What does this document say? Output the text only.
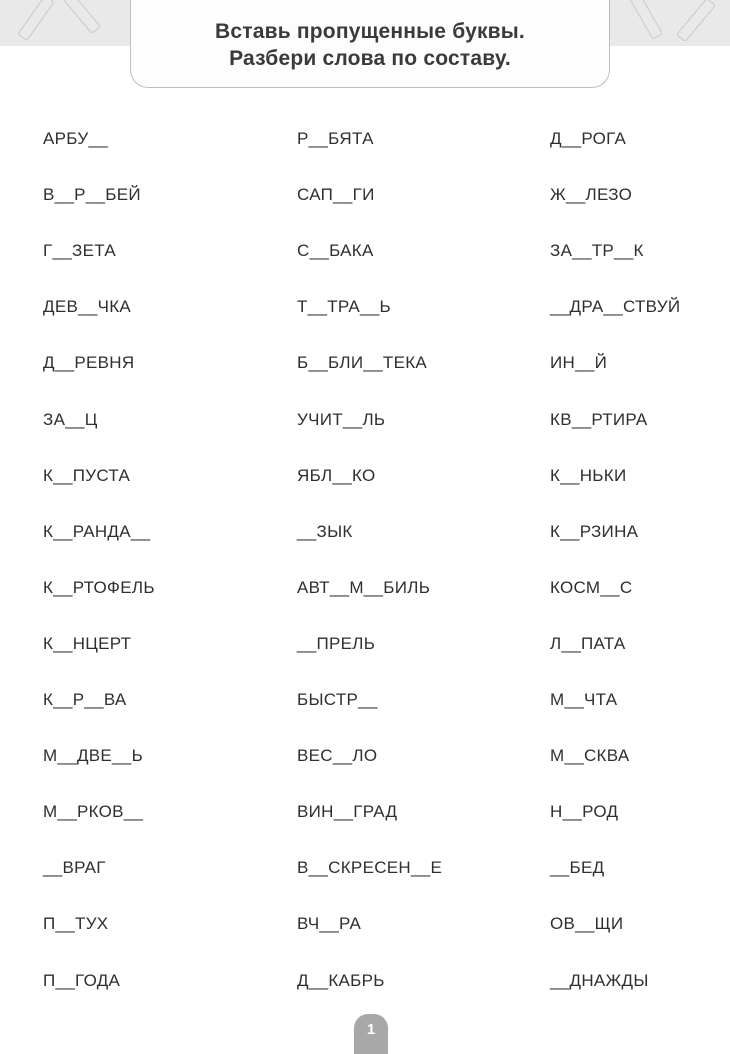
Вставь пропущенные буквы.
Разбери слова по составу.
АРБУ__
В__Р__БЕЙ
Г__ЗЕТА
ДЕВ__ЧКА
Д__РЕВНЯ
ЗА__Ц
К__ПУСТА
К__РАНДА__
К__РТОФЕЛЬ
К__НЦЕРТ
К__Р__ВА
М__ДВЕ__Ь
М__РКОВ__
__ВРАГ
П__ТУХ
П__ГОДА
Р__БЯТА
САП__ГИ
С__БАКА
Т__ТРА__Ь
Б__БЛИ__ТЕКА
УЧИТ__ЛЬ
ЯБЛ__КО
__ЗЫК
АВТ__М__БИЛЬ
__ПРЕЛЬ
БЫСТР__
ВЕС__ЛО
ВИН__ГРАД
В__СКРЕСЕН__Е
ВЧ__РА
Д__КАБРЬ
Д__РОГА
Ж__ЛЕЗО
ЗА__ТР__К
__ДРА__СТВУЙ
ИН__Й
КВ__РТИРА
К__НЬКИ
К__РЗИНА
КОСМ__С
Л__ПАТА
М__ЧТА
М__СКВА
Н__РОД
__БЕД
ОВ__ЩИ
__ДНАЖДЫ
1
